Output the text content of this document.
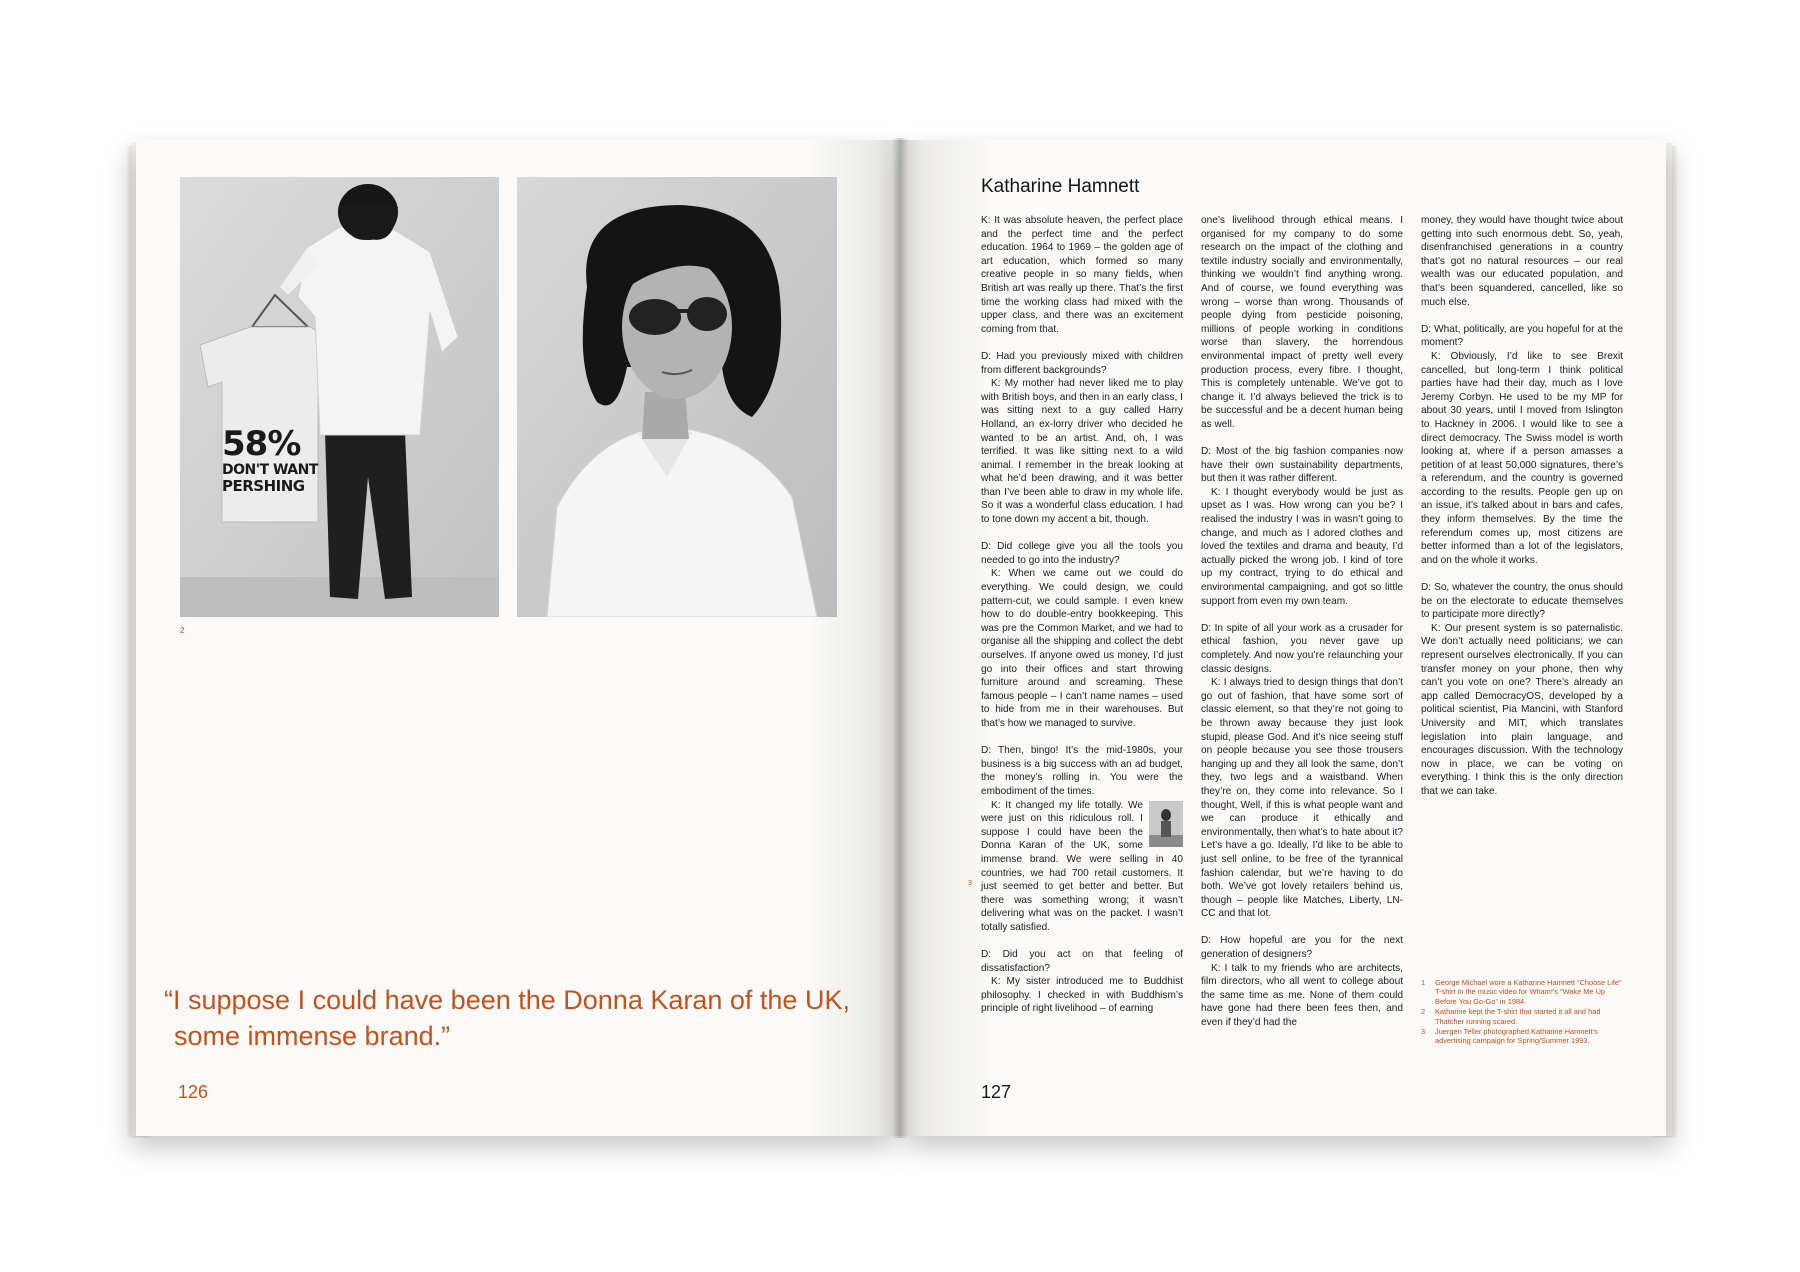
58%
DON'T WANT
PERSHING
2
“I suppose I could have been the Donna Karan of the UK, some immense brand.”
126
Katharine Hamnett

K: It was absolute heaven, the perfect place and the perfect time and the perfect education. 1964 to 1969 – the golden age of art education, which formed so many creative people in so many fields, when British art was really up there. That’s the first time the working class had mixed with the upper class, and there was an excitement coming from that.

D: Had you previously mixed with children from different backgrounds?

K: My mother had never liked me to play with British boys, and then in an early class, I was sitting next to a guy called Harry Holland, an ex-lorry driver who decided he wanted to be an artist. And, oh, I was terrified. It was like sitting next to a wild animal. I remember in the break looking at what he’d been drawing, and it was better than I’ve been able to draw in my whole life. So it was a wonderful class education. I had to tone down my accent a bit, though.

D: Did college give you all the tools you needed to go into the industry?

K: When we came out we could do everything. We could design, we could pattern-cut, we could sample. I even knew how to do double-entry bookkeeping. This was pre the Common Market, and we had to organise all the shipping and collect the debt ourselves. If anyone owed us money, I’d just go into their offices and start throwing furniture around and screaming. These famous people – I can’t name names – used to hide from me in their warehouses. But that’s how we managed to survive.

D: Then, bingo! It’s the mid-1980s, your business is a big success with an ad budget, the money’s rolling in. You were the embodiment of the times.

K: It changed my life totally. We were just on this ridiculous roll. I suppose I could have been the Donna Karan of the UK, some immense brand. We were selling in 40 countries, we had 700 retail customers. It just seemed to get better and better. But there was something wrong; it wasn’t delivering what was on the packet. I wasn’t totally satisfied.

D: Did you act on that feeling of dissatisfaction?

K: My sister introduced me to Buddhist philosophy. I checked in with Buddhism’s principle of right livelihood – of earning

one’s livelihood through ethical means. I organised for my company to do some research on the impact of the clothing and textile industry socially and environmentally, thinking we wouldn’t find anything wrong. And of course, we found everything was wrong – worse than wrong. Thousands of people dying from pesticide poisoning, millions of people working in conditions worse than slavery, the horrendous environmental impact of pretty well every production process, every fibre. I thought, This is completely untenable. We’ve got to change it. I’d always believed the trick is to be successful and be a decent human being as well.

D: Most of the big fashion companies now have their own sustainability departments, but then it was rather different.

K: I thought everybody would be just as upset as I was. How wrong can you be? I realised the industry I was in wasn’t going to change, and much as I adored clothes and loved the textiles and drama and beauty, I’d actually picked the wrong job. I kind of tore up my contract, trying to do ethical and environmental campaigning, and got so little support from even my own team.

D: In spite of all your work as a crusader for ethical fashion, you never gave up completely. And now you’re relaunching your classic designs.

K: I always tried to design things that don’t go out of fashion, that have some sort of classic element, so that they’re not going to be thrown away because they just look stupid, please God. And it’s nice seeing stuff on people because you see those trousers hanging up and they all look the same, don’t they, two legs and a waistband. When they’re on, they come into relevance. So I thought, Well, if this is what people want and we can produce it ethically and environmentally, then what’s to hate about it? Let’s have a go. Ideally, I’d like to be able to just sell online, to be free of the tyrannical fashion calendar, but we’re having to do both. We’ve got lovely retailers behind us, though – people like Matches, Liberty, LN-CC and that lot.

D: How hopeful are you for the next generation of designers?

K: I talk to my friends who are architects, film directors, who all went to college about the same time as me. None of them could have gone had there been fees then, and even if they’d had the

money, they would have thought twice about getting into such enormous debt. So, yeah, disenfranchised generations in a country that’s got no natural resources – our real wealth was our educated population, and that’s been squandered, cancelled, like so much else.

D: What, politically, are you hopeful for at the moment?

K: Obviously, I’d like to see Brexit cancelled, but long-term I think political parties have had their day, much as I love Jeremy Corbyn. He used to be my MP for about 30 years, until I moved from Islington to Hackney in 2006. I would like to see a direct democracy. The Swiss model is worth looking at, where if a person amasses a petition of at least 50,000 signatures, there’s a referendum, and the country is governed according to the results. People gen up on an issue, it’s talked about in bars and cafes, they inform themselves. By the time the referendum comes up, most citizens are better informed than a lot of the legislators, and on the whole it works.

D: So, whatever the country, the onus should be on the electorate to educate themselves to participate more directly?

K: Our present system is so paternalistic. We don’t actually need politicians; we can represent ourselves electronically. If you can transfer money on your phone, then why can’t you vote on one? There’s already an app called DemocracyOS, developed by a political scientist, Pia Mancini, with Stanford University and MIT, which translates legislation into plain language, and encourages discussion. With the technology now in place, we can be voting on everything. I think this is the only direction that we can take.

3
1	George Michael wore a Katharine Hamnett “Choose Life” T-shirt in the music video for Wham!’s “Wake Me Up Before You Go-Go” in 1984.
2	Katharine kept the T-shirt that started it all and had Thatcher running scared.
3	Juergen Teller photographed Katharine Hamnett’s advertising campaign for Spring/Summer 1993.
127
